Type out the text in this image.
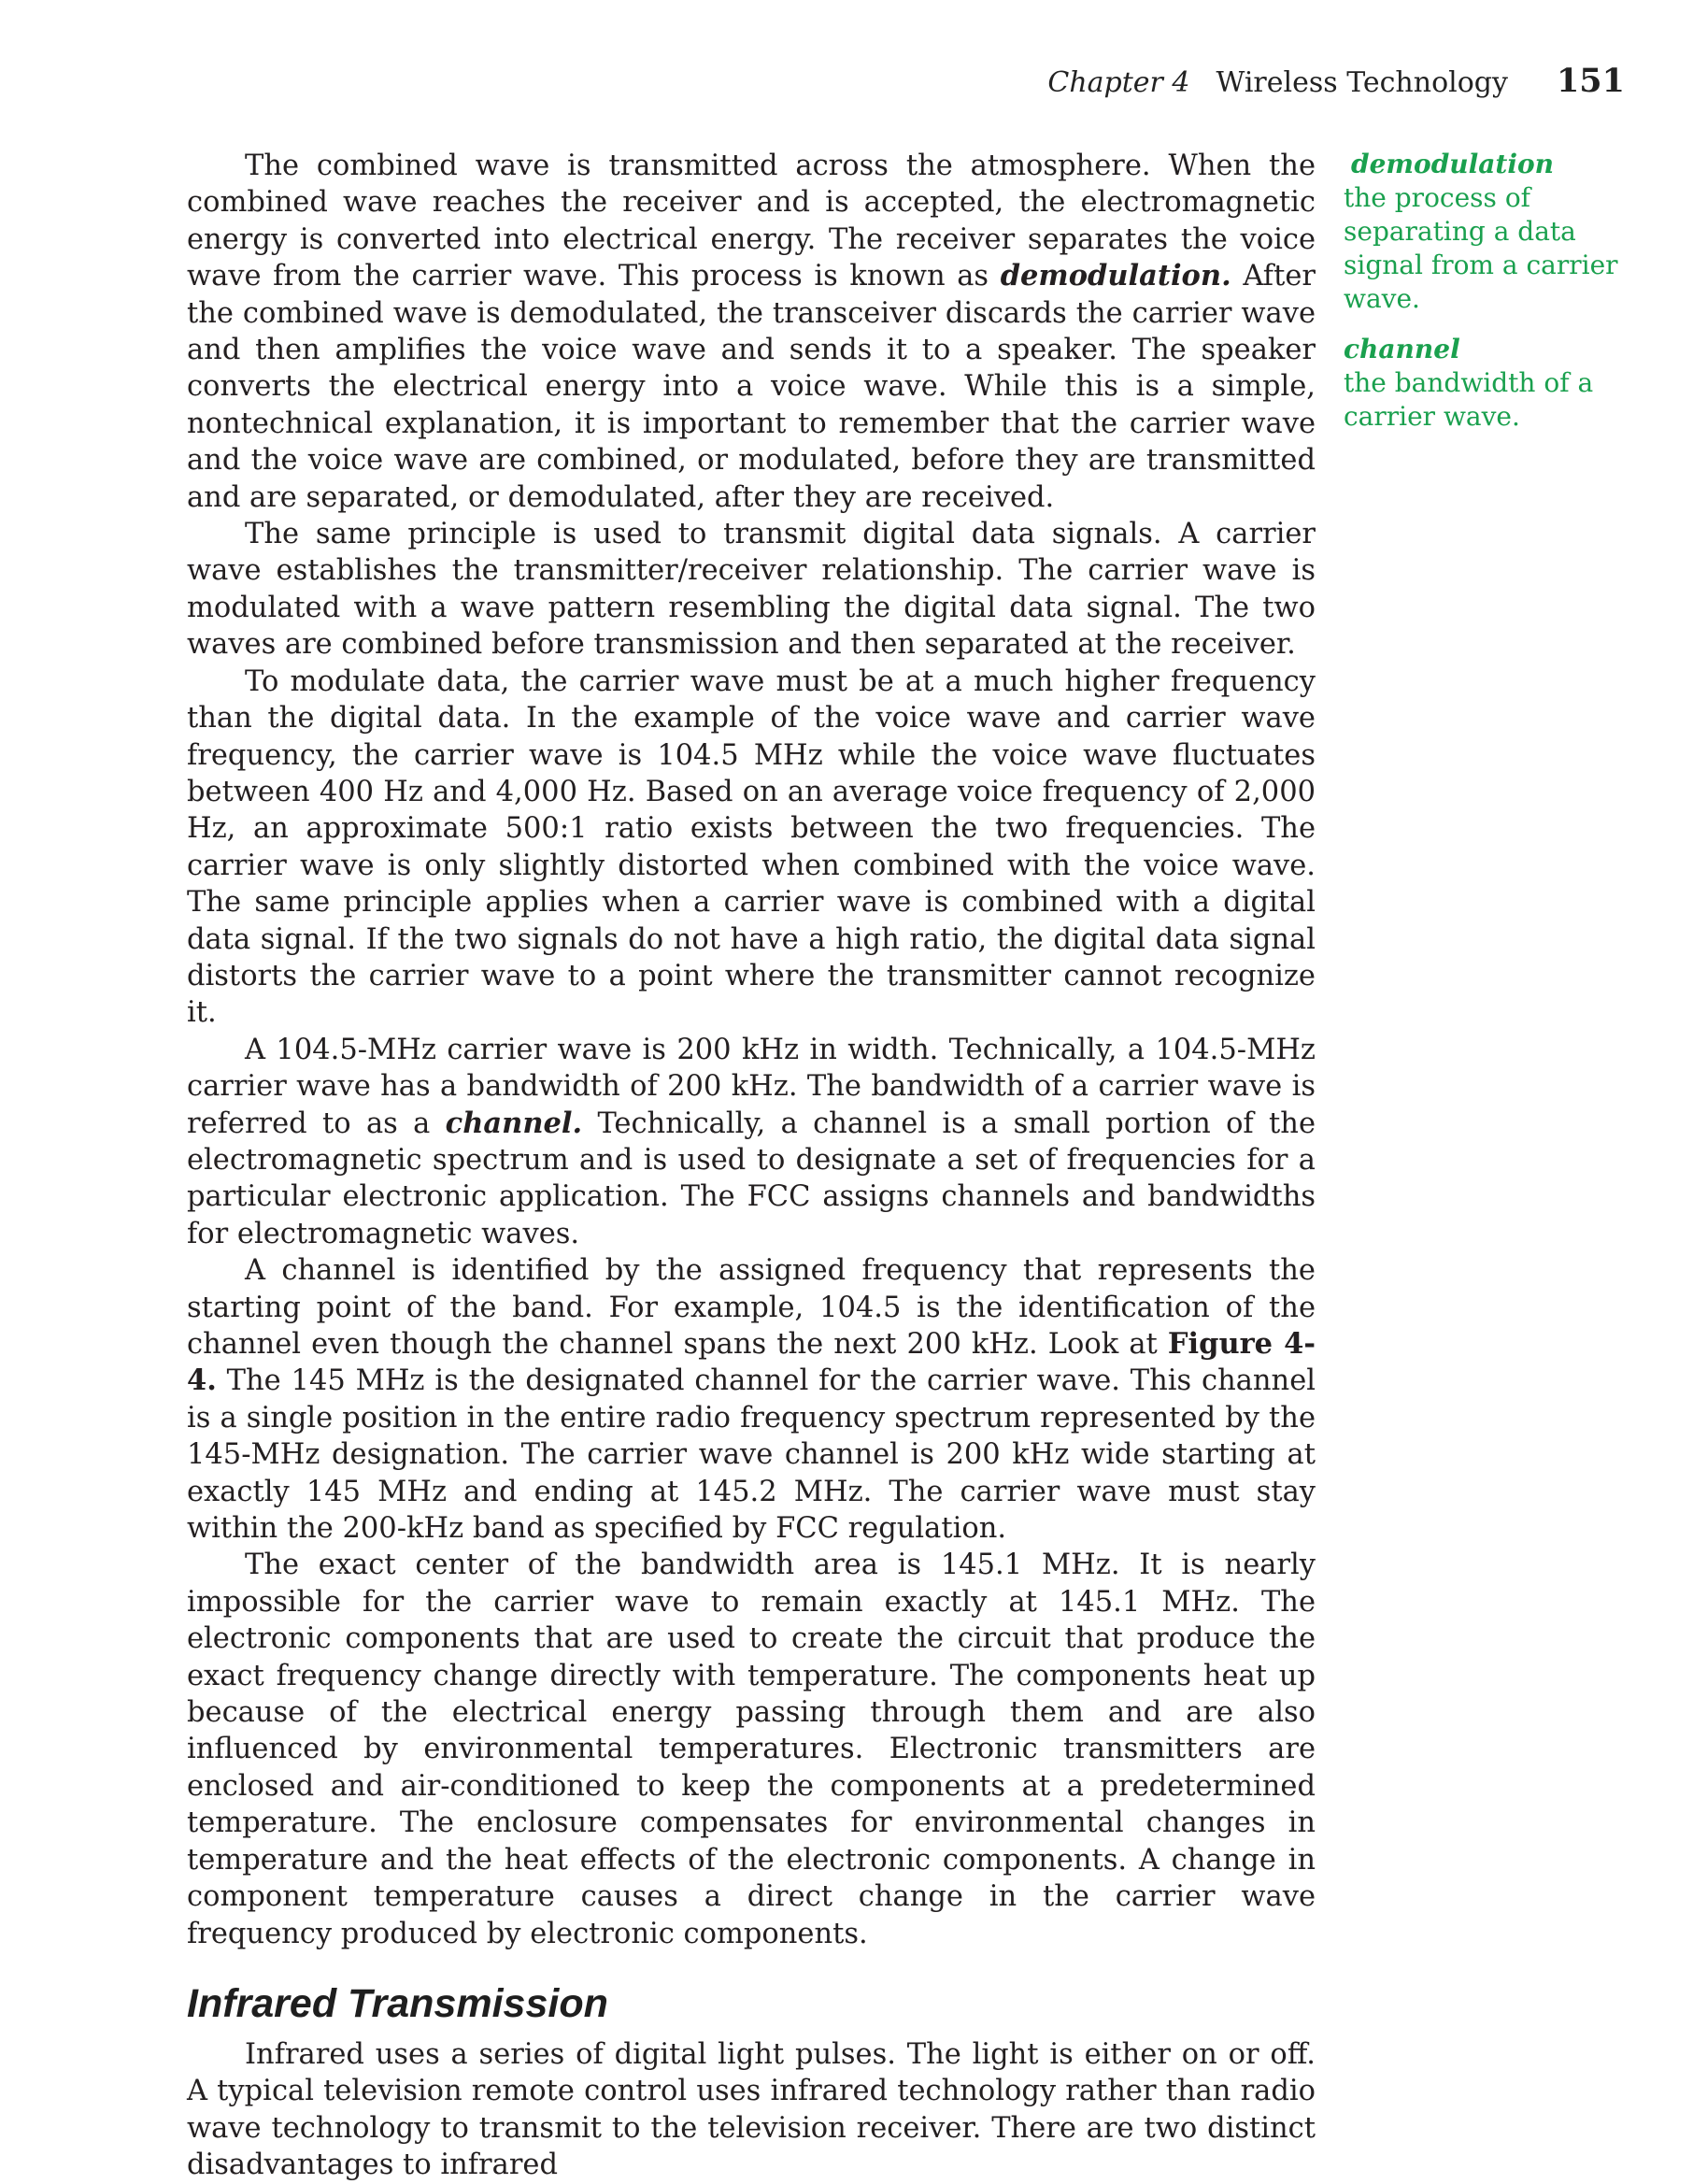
Chapter 4 Wireless Technology 151

The combined wave is transmitted across the atmosphere. When the combined wave reaches the receiver and is accepted, the electromagnetic energy is converted into electrical energy. The receiver separates the voice wave from the carrier wave. This process is known as demodulation. After the combined wave is demodulated, the transceiver discards the carrier wave and then amplifies the voice wave and sends it to a speaker. The speaker converts the electrical energy into a voice wave. While this is a simple, nontechnical explanation, it is important to remember that the carrier wave and the voice wave are combined, or modulated, before they are transmitted and are separated, or demodulated, after they are received.

The same principle is used to transmit digital data signals. A carrier wave establishes the transmitter/receiver relationship. The carrier wave is modulated with a wave pattern resembling the digital data signal. The two waves are combined before transmission and then separated at the receiver.

To modulate data, the carrier wave must be at a much higher frequency than the digital data. In the example of the voice wave and carrier wave frequency, the carrier wave is 104.5 MHz while the voice wave fluctuates between 400 Hz and 4,000 Hz. Based on an average voice frequency of 2,000 Hz, an approximate 500:1 ratio exists between the two frequencies. The carrier wave is only slightly distorted when combined with the voice wave. The same principle applies when a carrier wave is combined with a digital data signal. If the two signals do not have a high ratio, the digital data signal distorts the carrier wave to a point where the transmitter cannot recognize it.

A 104.5-MHz carrier wave is 200 kHz in width. Technically, a 104.5-MHz carrier wave has a bandwidth of 200 kHz. The bandwidth of a carrier wave is referred to as a channel. Technically, a channel is a small portion of the electromagnetic spectrum and is used to designate a set of frequencies for a particular electronic application. The FCC assigns channels and bandwidths for electromagnetic waves.

A channel is identified by the assigned frequency that represents the starting point of the band. For example, 104.5 is the identification of the channel even though the channel spans the next 200 kHz. Look at Figure 4-4. The 145 MHz is the designated channel for the carrier wave. This channel is a single position in the entire radio frequency spectrum represented by the 145-MHz designation. The carrier wave channel is 200 kHz wide starting at exactly 145 MHz and ending at 145.2 MHz. The carrier wave must stay within the 200-kHz band as specified by FCC regulation.

The exact center of the bandwidth area is 145.1 MHz. It is nearly impossible for the carrier wave to remain exactly at 145.1 MHz. The electronic components that are used to create the circuit that produce the exact frequency change directly with temperature. The components heat up because of the electrical energy passing through them and are also influenced by environmental temperatures. Electronic transmitters are enclosed and air-conditioned to keep the components at a predetermined temperature. The enclosure compensates for environmental changes in temperature and the heat effects of the electronic components. A change in component temperature causes a direct change in the carrier wave frequency produced by electronic components.

Infrared Transmission

Infrared uses a series of digital light pulses. The light is either on or off. A typical television remote control uses infrared technology rather than radio wave technology to transmit to the television receiver. There are two distinct disadvantages to infrared

demodulation
the process of separating a data signal from a carrier wave.
channel
the bandwidth of a carrier wave.
